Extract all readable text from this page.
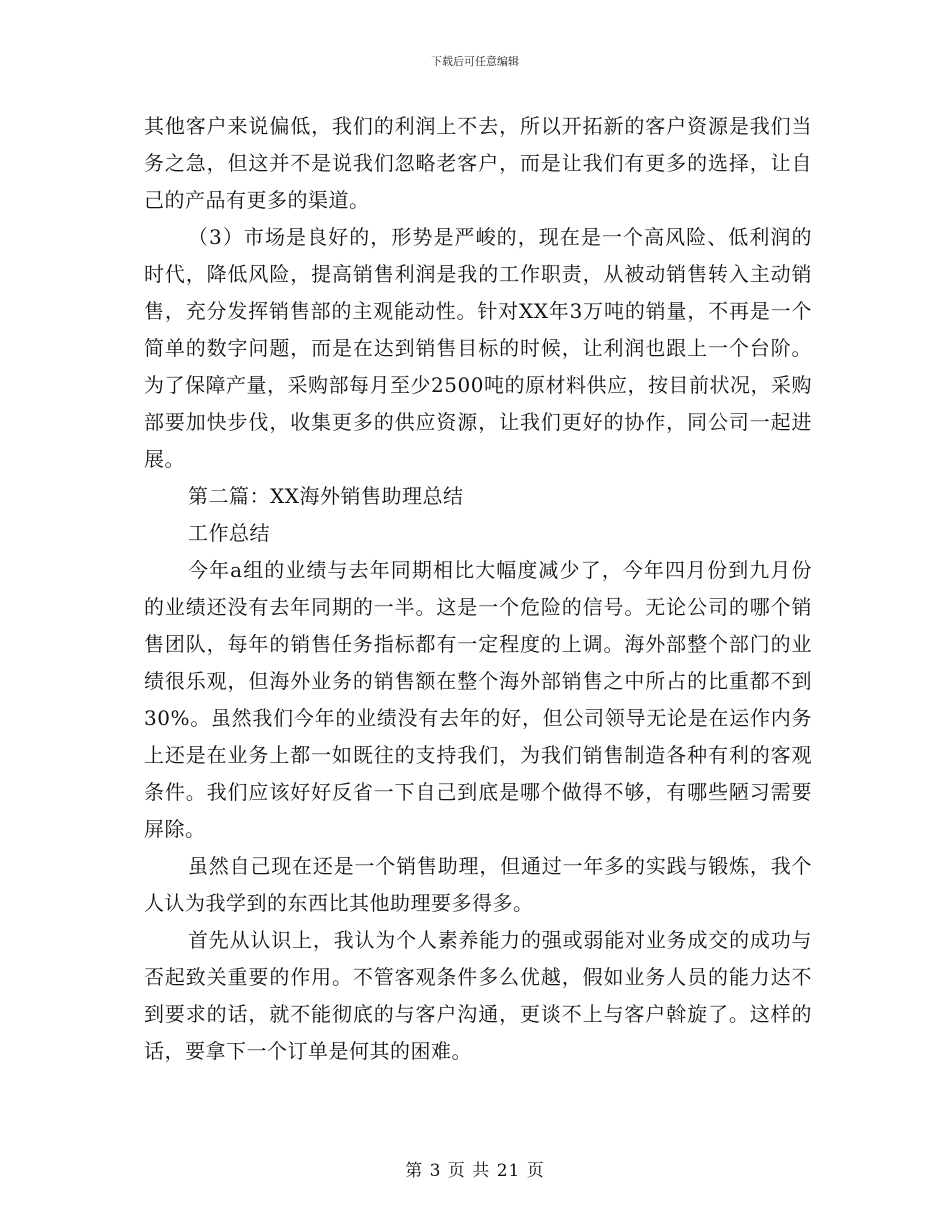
下载后可任意编辑

其他客户来说偏低，我们的利润上不去，所以开拓新的客户资源是我们当务之急，但这并不是说我们忽略老客户，而是让我们有更多的选择，让自己的产品有更多的渠道。

（3）市场是良好的，形势是严峻的，现在是一个高风险、低利润的时代，降低风险，提高销售利润是我的工作职责，从被动销售转入主动销售，充分发挥销售部的主观能动性。针对XX年3万吨的销量，不再是一个简单的数字问题，而是在达到销售目标的时候，让利润也跟上一个台阶。为了保障产量，采购部每月至少2500吨的原材料供应，按目前状况，采购部要加快步伐，收集更多的供应资源，让我们更好的协作，同公司一起进展。

第二篇：XX海外销售助理总结

工作总结

今年a组的业绩与去年同期相比大幅度减少了，今年四月份到九月份的业绩还没有去年同期的一半。这是一个危险的信号。无论公司的哪个销售团队，每年的销售任务指标都有一定程度的上调。海外部整个部门的业绩很乐观，但海外业务的销售额在整个海外部销售之中所占的比重都不到30%。虽然我们今年的业绩没有去年的好，但公司领导无论是在运作内务上还是在业务上都一如既往的支持我们，为我们销售制造各种有利的客观条件。我们应该好好反省一下自己到底是哪个做得不够，有哪些陋习需要屏除。

虽然自己现在还是一个销售助理，但通过一年多的实践与锻炼，我个人认为我学到的东西比其他助理要多得多。

首先从认识上，我认为个人素养能力的强或弱能对业务成交的成功与否起致关重要的作用。不管客观条件多么优越，假如业务人员的能力达不到要求的话，就不能彻底的与客户沟通，更谈不上与客户斡旋了。这样的话，要拿下一个订单是何其的困难。

第 3 页 共 21 页
